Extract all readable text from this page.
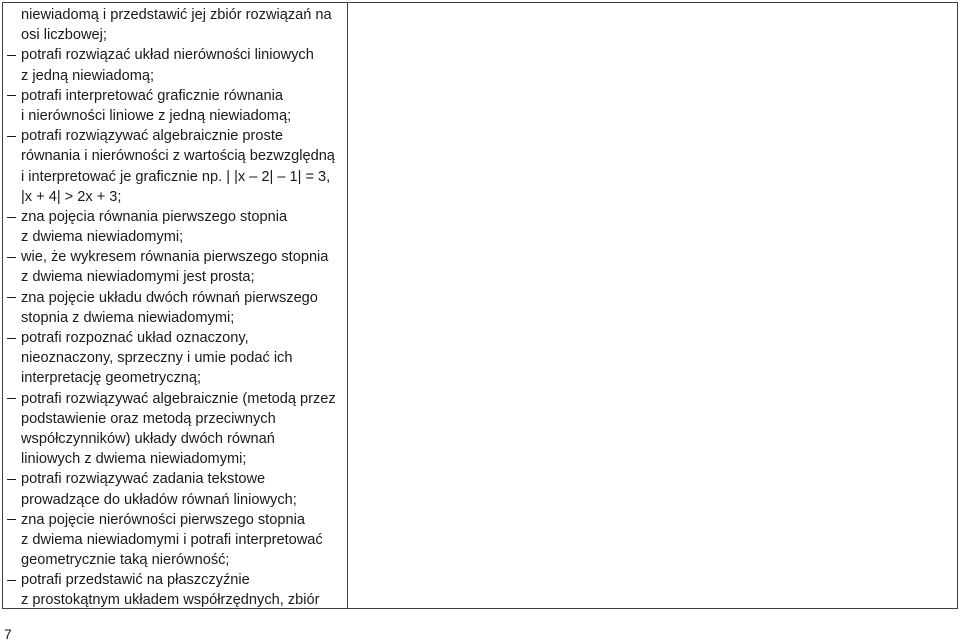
niewiadomą i przedstawić jej zbiór rozwiązań na
osi liczbowej;
potrafi rozwiązać układ nierówności liniowych
z jedną niewiadomą;
potrafi interpretować graficznie równania
i nierówności liniowe z jedną niewiadomą;
potrafi rozwiązywać algebraicznie proste
równania i nierówności z wartością bezwzględną
i interpretować je graficznie np. | |x – 2| – 1| = 3,
|x + 4| > 2x + 3;
zna pojęcia równania pierwszego stopnia
z dwiema niewiadomymi;
wie, że wykresem równania pierwszego stopnia
z dwiema niewiadomymi jest prosta;
zna pojęcie układu dwóch równań pierwszego
stopnia z dwiema niewiadomymi;
potrafi rozpoznać układ oznaczony,
nieoznaczony, sprzeczny i umie podać ich
interpretację geometryczną;
potrafi rozwiązywać algebraicznie (metodą przez
podstawienie oraz metodą przeciwnych
współczynników) układy dwóch równań
liniowych z dwiema niewiadomymi;
potrafi rozwiązywać zadania tekstowe
prowadzące do układów równań liniowych;
zna pojęcie nierówności pierwszego stopnia
z dwiema niewiadomymi i potrafi interpretować
geometrycznie taką nierówność;
potrafi przedstawić na płaszczyźnie
z prostokątnym układem współrzędnych, zbiór
7
